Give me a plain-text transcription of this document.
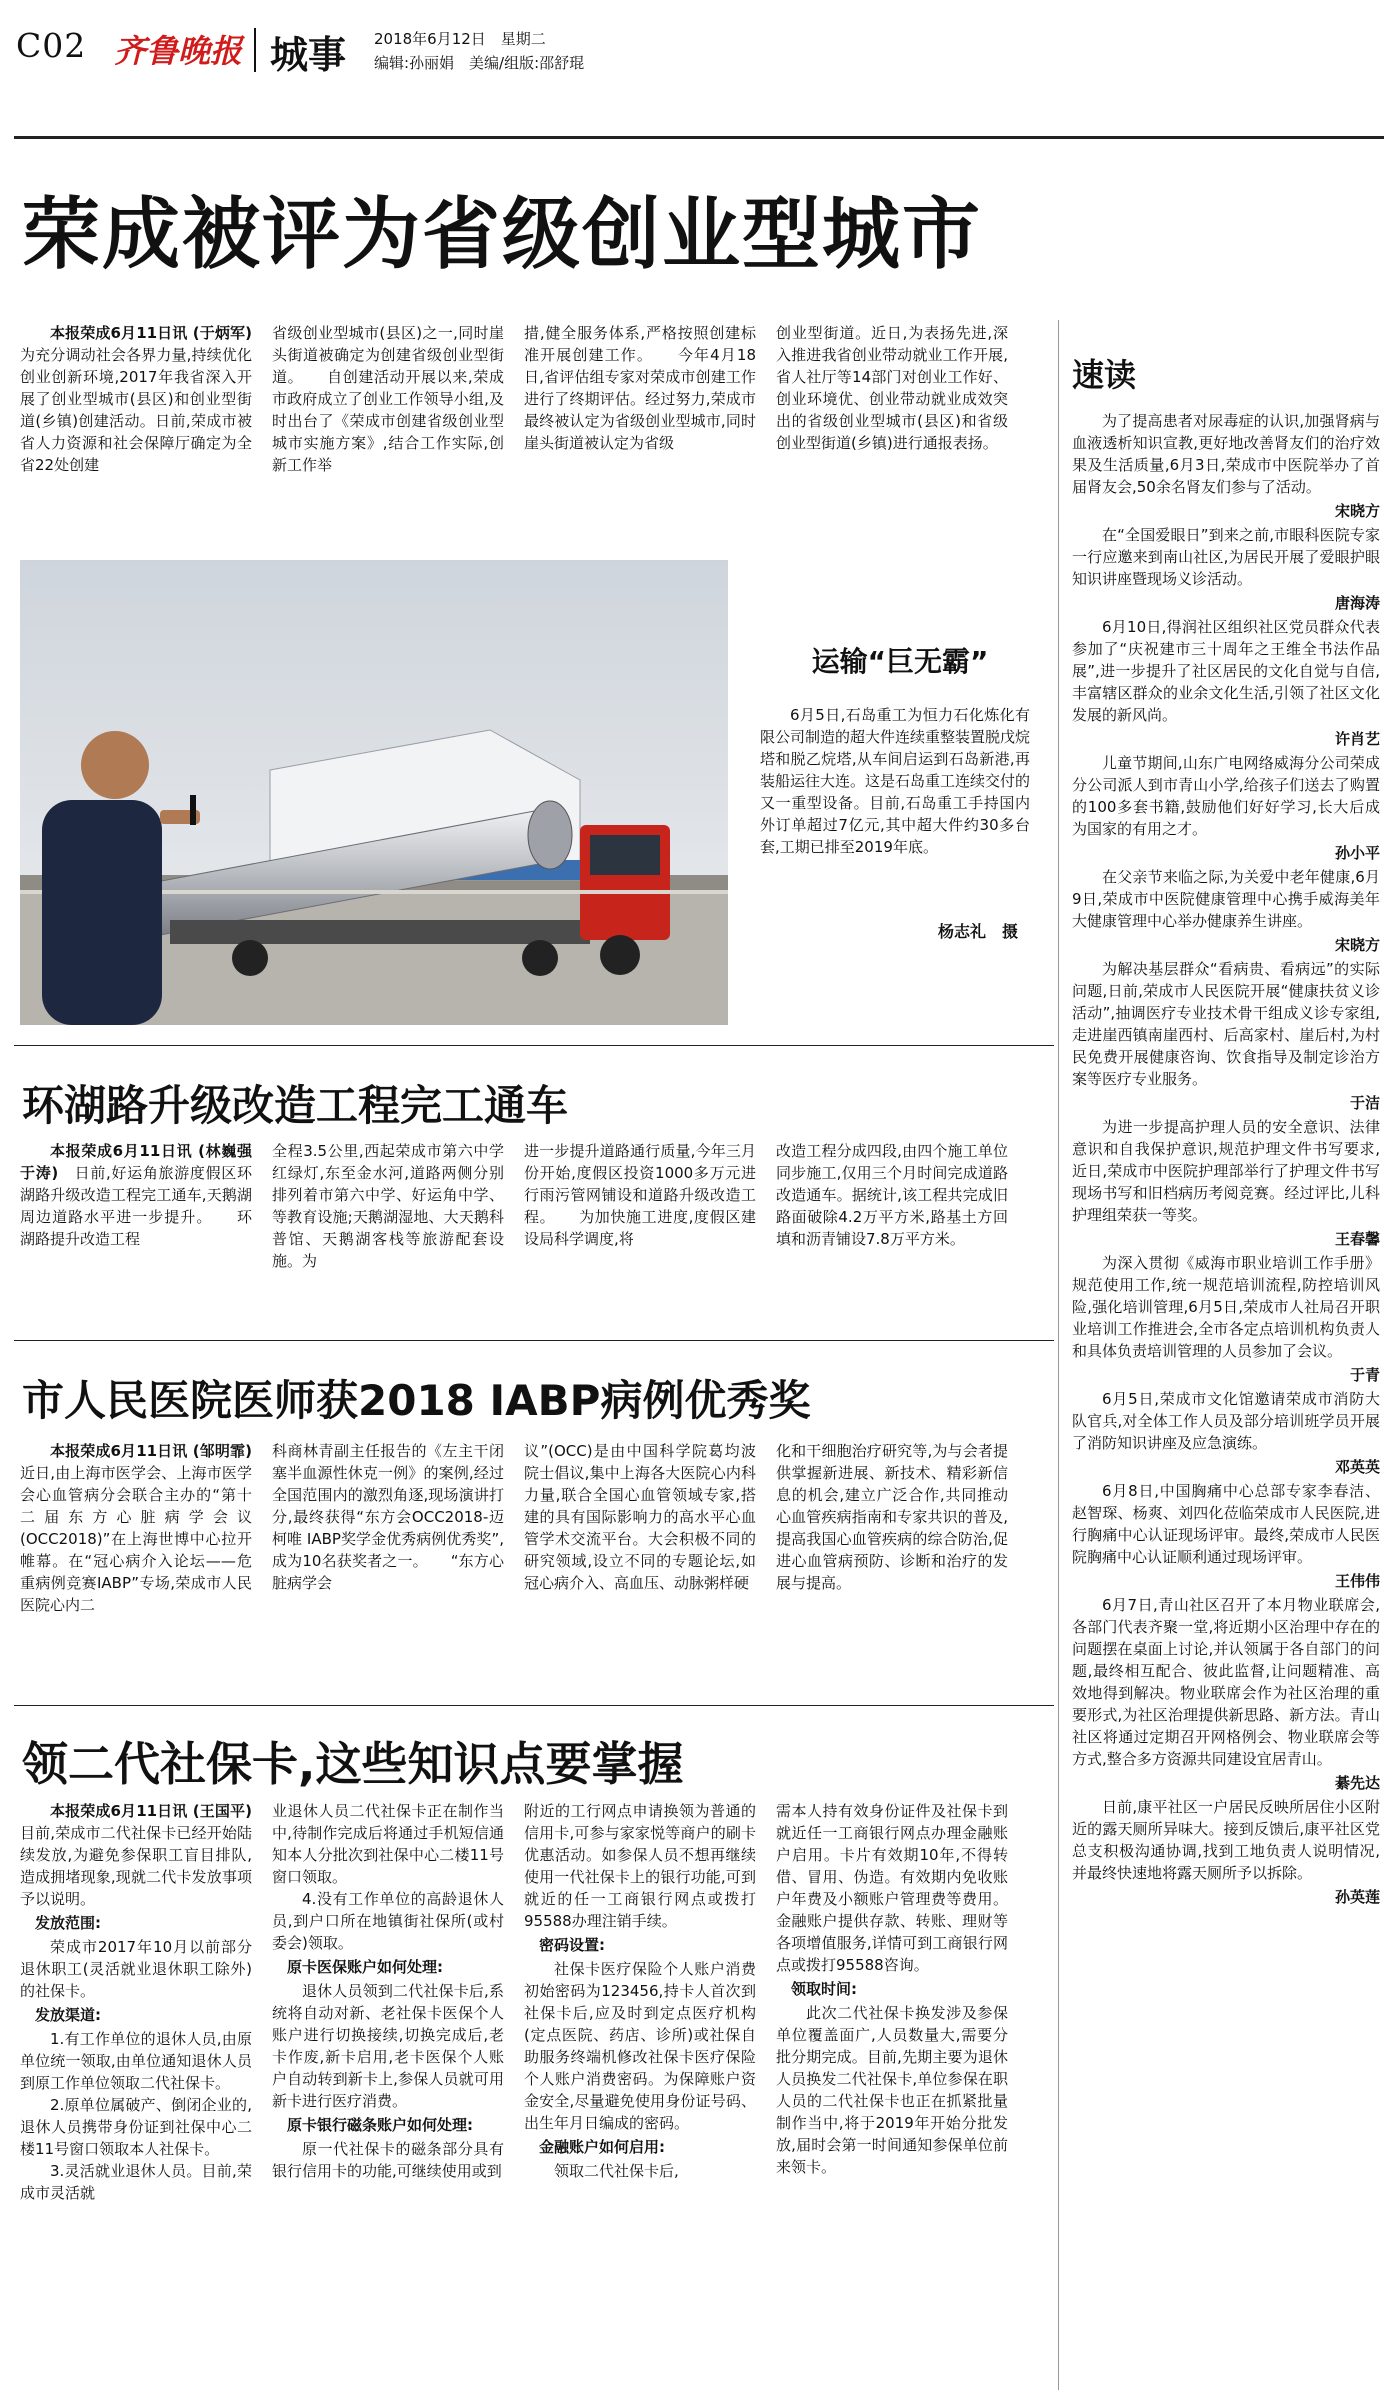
C02 齐鲁晚报 城事 2018年6月12日　星期二
编辑:孙丽娟　美编/组版:邵舒琨
荣成被评为省级创业型城市

本报荣成6月11日讯 (于炳军)　为充分调动社会各界力量,持续优化创业创新环境,2017年我省深入开展了创业型城市(县区)和创业型街道(乡镇)创建活动。日前,荣成市被省人力资源和社会保障厅确定为全省22处创建

省级创业型城市(县区)之一,同时崖头街道被确定为创建省级创业型街道。　　自创建活动开展以来,荣成市政府成立了创业工作领导小组,及时出台了《荣成市创建省级创业型城市实施方案》,结合工作实际,创新工作举

措,健全服务体系,严格按照创建标准开展创建工作。　　今年4月18日,省评估组专家对荣成市创建工作进行了终期评估。经过努力,荣成市最终被认定为省级创业型城市,同时崖头街道被认定为省级

创业型街道。近日,为表扬先进,深入推进我省创业带动就业工作开展,省人社厅等14部门对创业工作好、创业环境优、创业带动就业成效突出的省级创业型城市(县区)和省级创业型街道(乡镇)进行通报表扬。

运输“巨无霸”

6月5日,石岛重工为恒力石化炼化有限公司制造的超大件连续重整装置脱戊烷塔和脱乙烷塔,从车间启运到石岛新港,再装船运往大连。这是石岛重工连续交付的又一重型设备。目前,石岛重工手持国内外订单超过7亿元,其中超大件约30多台套,工期已排至2019年底。

杨志礼　摄
环湖路升级改造工程完工通车

本报荣成6月11日讯 (林巍强　于涛)　 日前,好运角旅游度假区环湖路升级改造工程完工通车,天鹅湖周边道路水平进一步提升。　　环湖路提升改造工程

全程3.5公里,西起荣成市第六中学红绿灯,东至金水河,道路两侧分别排列着市第六中学、好运角中学、等教育设施;天鹅湖湿地、大天鹅科普馆、天鹅湖客栈等旅游配套设施。为

进一步提升道路通行质量,今年三月份开始,度假区投资1000多万元进行雨污管网铺设和道路升级改造工程。　　为加快施工进度,度假区建设局科学调度,将

改造工程分成四段,由四个施工单位同步施工,仅用三个月时间完成道路改造通车。据统计,该工程共完成旧路面破除4.2万平方米,路基土方回填和沥青铺设7.8万平方米。

市人民医院医师获2018 IABP病例优秀奖

本报荣成6月11日讯 (邹明霏)　近日,由上海市医学会、上海市医学会心血管病分会联合主办的“第十二届东方心脏病学会议(OCC2018)”在上海世博中心拉开帷幕。在“冠心病介入论坛——危重病例竞赛IABP”专场,荣成市人民医院心内二

科商林青副主任报告的《左主干闭塞半血源性休克一例》的案例,经过全国范围内的激烈角逐,现场演讲打分,最终获得“东方会OCC2018-迈柯唯 IABP奖学金优秀病例优秀奖”,成为10名获奖者之一。　　“东方心脏病学会

议”(OCC)是由中国科学院葛均波院士倡议,集中上海各大医院心内科力量,联合全国心血管领域专家,搭建的具有国际影响力的高水平心血管学术交流平台。大会积极不同的研究领域,设立不同的专题论坛,如冠心病介入、高血压、动脉粥样硬

化和干细胞治疗研究等,为与会者提供掌握新进展、新技术、精彩新信息的机会,建立广泛合作,共同推动心血管疾病指南和专家共识的普及,提高我国心血管疾病的综合防治,促进心血管病预防、诊断和治疗的发展与提高。

领二代社保卡,这些知识点要掌握

本报荣成6月11日讯 (王国平)　目前,荣成市二代社保卡已经开始陆续发放,为避免参保职工盲目排队,造成拥堵现象,现就二代卡发放事项予以说明。

发放范围:

荣成市2017年10月以前部分退休职工(灵活就业退休职工除外)的社保卡。

发放渠道:

1.有工作单位的退休人员,由原单位统一领取,由单位通知退休人员到原工作单位领取二代社保卡。

2.原单位属破产、倒闭企业的,退休人员携带身份证到社保中心二楼11号窗口领取本人社保卡。

3.灵活就业退休人员。目前,荣成市灵活就

业退休人员二代社保卡正在制作当中,待制作完成后将通过手机短信通知本人分批次到社保中心二楼11号窗口领取。

4.没有工作单位的高龄退休人员,到户口所在地镇街社保所(或村委会)领取。

原卡医保账户如何处理:

退休人员领到二代社保卡后,系统将自动对新、老社保卡医保个人账户进行切换接续,切换完成后,老卡作废,新卡启用,老卡医保个人账户自动转到新卡上,参保人员就可用新卡进行医疗消费。

原卡银行磁条账户如何处理:

原一代社保卡的磁条部分具有银行信用卡的功能,可继续使用或到

附近的工行网点申请换领为普通的信用卡,可参与家家悦等商户的刷卡优惠活动。如参保人员不想再继续使用一代社保卡上的银行功能,可到就近的任一工商银行网点或拨打95588办理注销手续。

密码设置:

社保卡医疗保险个人账户消费初始密码为123456,持卡人首次到社保卡后,应及时到定点医疗机构(定点医院、药店、诊所)或社保自助服务终端机修改社保卡医疗保险个人账户消费密码。为保障账户资金安全,尽量避免使用身份证号码、出生年月日编成的密码。

金融账户如何启用:

领取二代社保卡后,

需本人持有效身份证件及社保卡到就近任一工商银行网点办理金融账户启用。卡片有效期10年,不得转借、冒用、伪造。有效期内免收账户年费及小额账户管理费等费用。金融账户提供存款、转账、理财等各项增值服务,详情可到工商银行网点或拨打95588咨询。

领取时间:

此次二代社保卡换发涉及参保单位覆盖面广,人员数量大,需要分批分期完成。目前,先期主要为退休人员换发二代社保卡,单位参保在职人员的二代社保卡也正在抓紧批量制作当中,将于2019年开始分批发放,届时会第一时间通知参保单位前来领卡。

速读

为了提高患者对尿毒症的认识,加强肾病与血液透析知识宣教,更好地改善肾友们的治疗效果及生活质量,6月3日,荣成市中医院举办了首届肾友会,50余名肾友们参与了活动。

宋晓方

在“全国爱眼日”到来之前,市眼科医院专家一行应邀来到南山社区,为居民开展了爱眼护眼知识讲座暨现场义诊活动。

唐海涛

6月10日,得润社区组织社区党员群众代表参加了“庆祝建市三十周年之王维全书法作品展”,进一步提升了社区居民的文化自觉与自信,丰富辖区群众的业余文化生活,引领了社区文化发展的新风尚。

许肖艺

儿童节期间,山东广电网络威海分公司荣成分公司派人到市青山小学,给孩子们送去了购置的100多套书籍,鼓励他们好好学习,长大后成为国家的有用之才。

孙小平

在父亲节来临之际,为关爱中老年健康,6月9日,荣成市中医院健康管理中心携手威海美年大健康管理中心举办健康养生讲座。

宋晓方

为解决基层群众“看病贵、看病远”的实际问题,日前,荣成市人民医院开展“健康扶贫义诊活动”,抽调医疗专业技术骨干组成义诊专家组,走进崖西镇南崖西村、后高家村、崖后村,为村民免费开展健康咨询、饮食指导及制定诊治方案等医疗专业服务。

于洁

为进一步提高护理人员的安全意识、法律意识和自我保护意识,规范护理文件书写要求,近日,荣成市中医院护理部举行了护理文件书写现场书写和旧档病历考阅竞赛。经过评比,儿科护理组荣获一等奖。

王春馨

为深入贯彻《威海市职业培训工作手册》规范使用工作,统一规范培训流程,防控培训风险,强化培训管理,6月5日,荣成市人社局召开职业培训工作推进会,全市各定点培训机构负责人和具体负责培训管理的人员参加了会议。

于青

6月5日,荣成市文化馆邀请荣成市消防大队官兵,对全体工作人员及部分培训班学员开展了消防知识讲座及应急演练。

邓英英

6月8日,中国胸痛中心总部专家李春洁、赵智琛、杨爽、刘四化莅临荣成市人民医院,进行胸痛中心认证现场评审。最终,荣成市人民医院胸痛中心认证顺利通过现场评审。

王伟伟

6月7日,青山社区召开了本月物业联席会,各部门代表齐聚一堂,将近期小区治理中存在的问题摆在桌面上讨论,并认领属于各自部门的问题,最终相互配合、彼此监督,让问题精准、高效地得到解决。物业联席会作为社区治理的重要形式,为社区治理提供新思路、新方法。青山社区将通过定期召开网格例会、物业联席会等方式,整合多方资源共同建设宜居青山。

綦先达

日前,康平社区一户居民反映所居住小区附近的露天厕所异味大。接到反馈后,康平社区党总支积极沟通协调,找到工地负责人说明情况,并最终快速地将露天厕所予以拆除。

孙英莲
